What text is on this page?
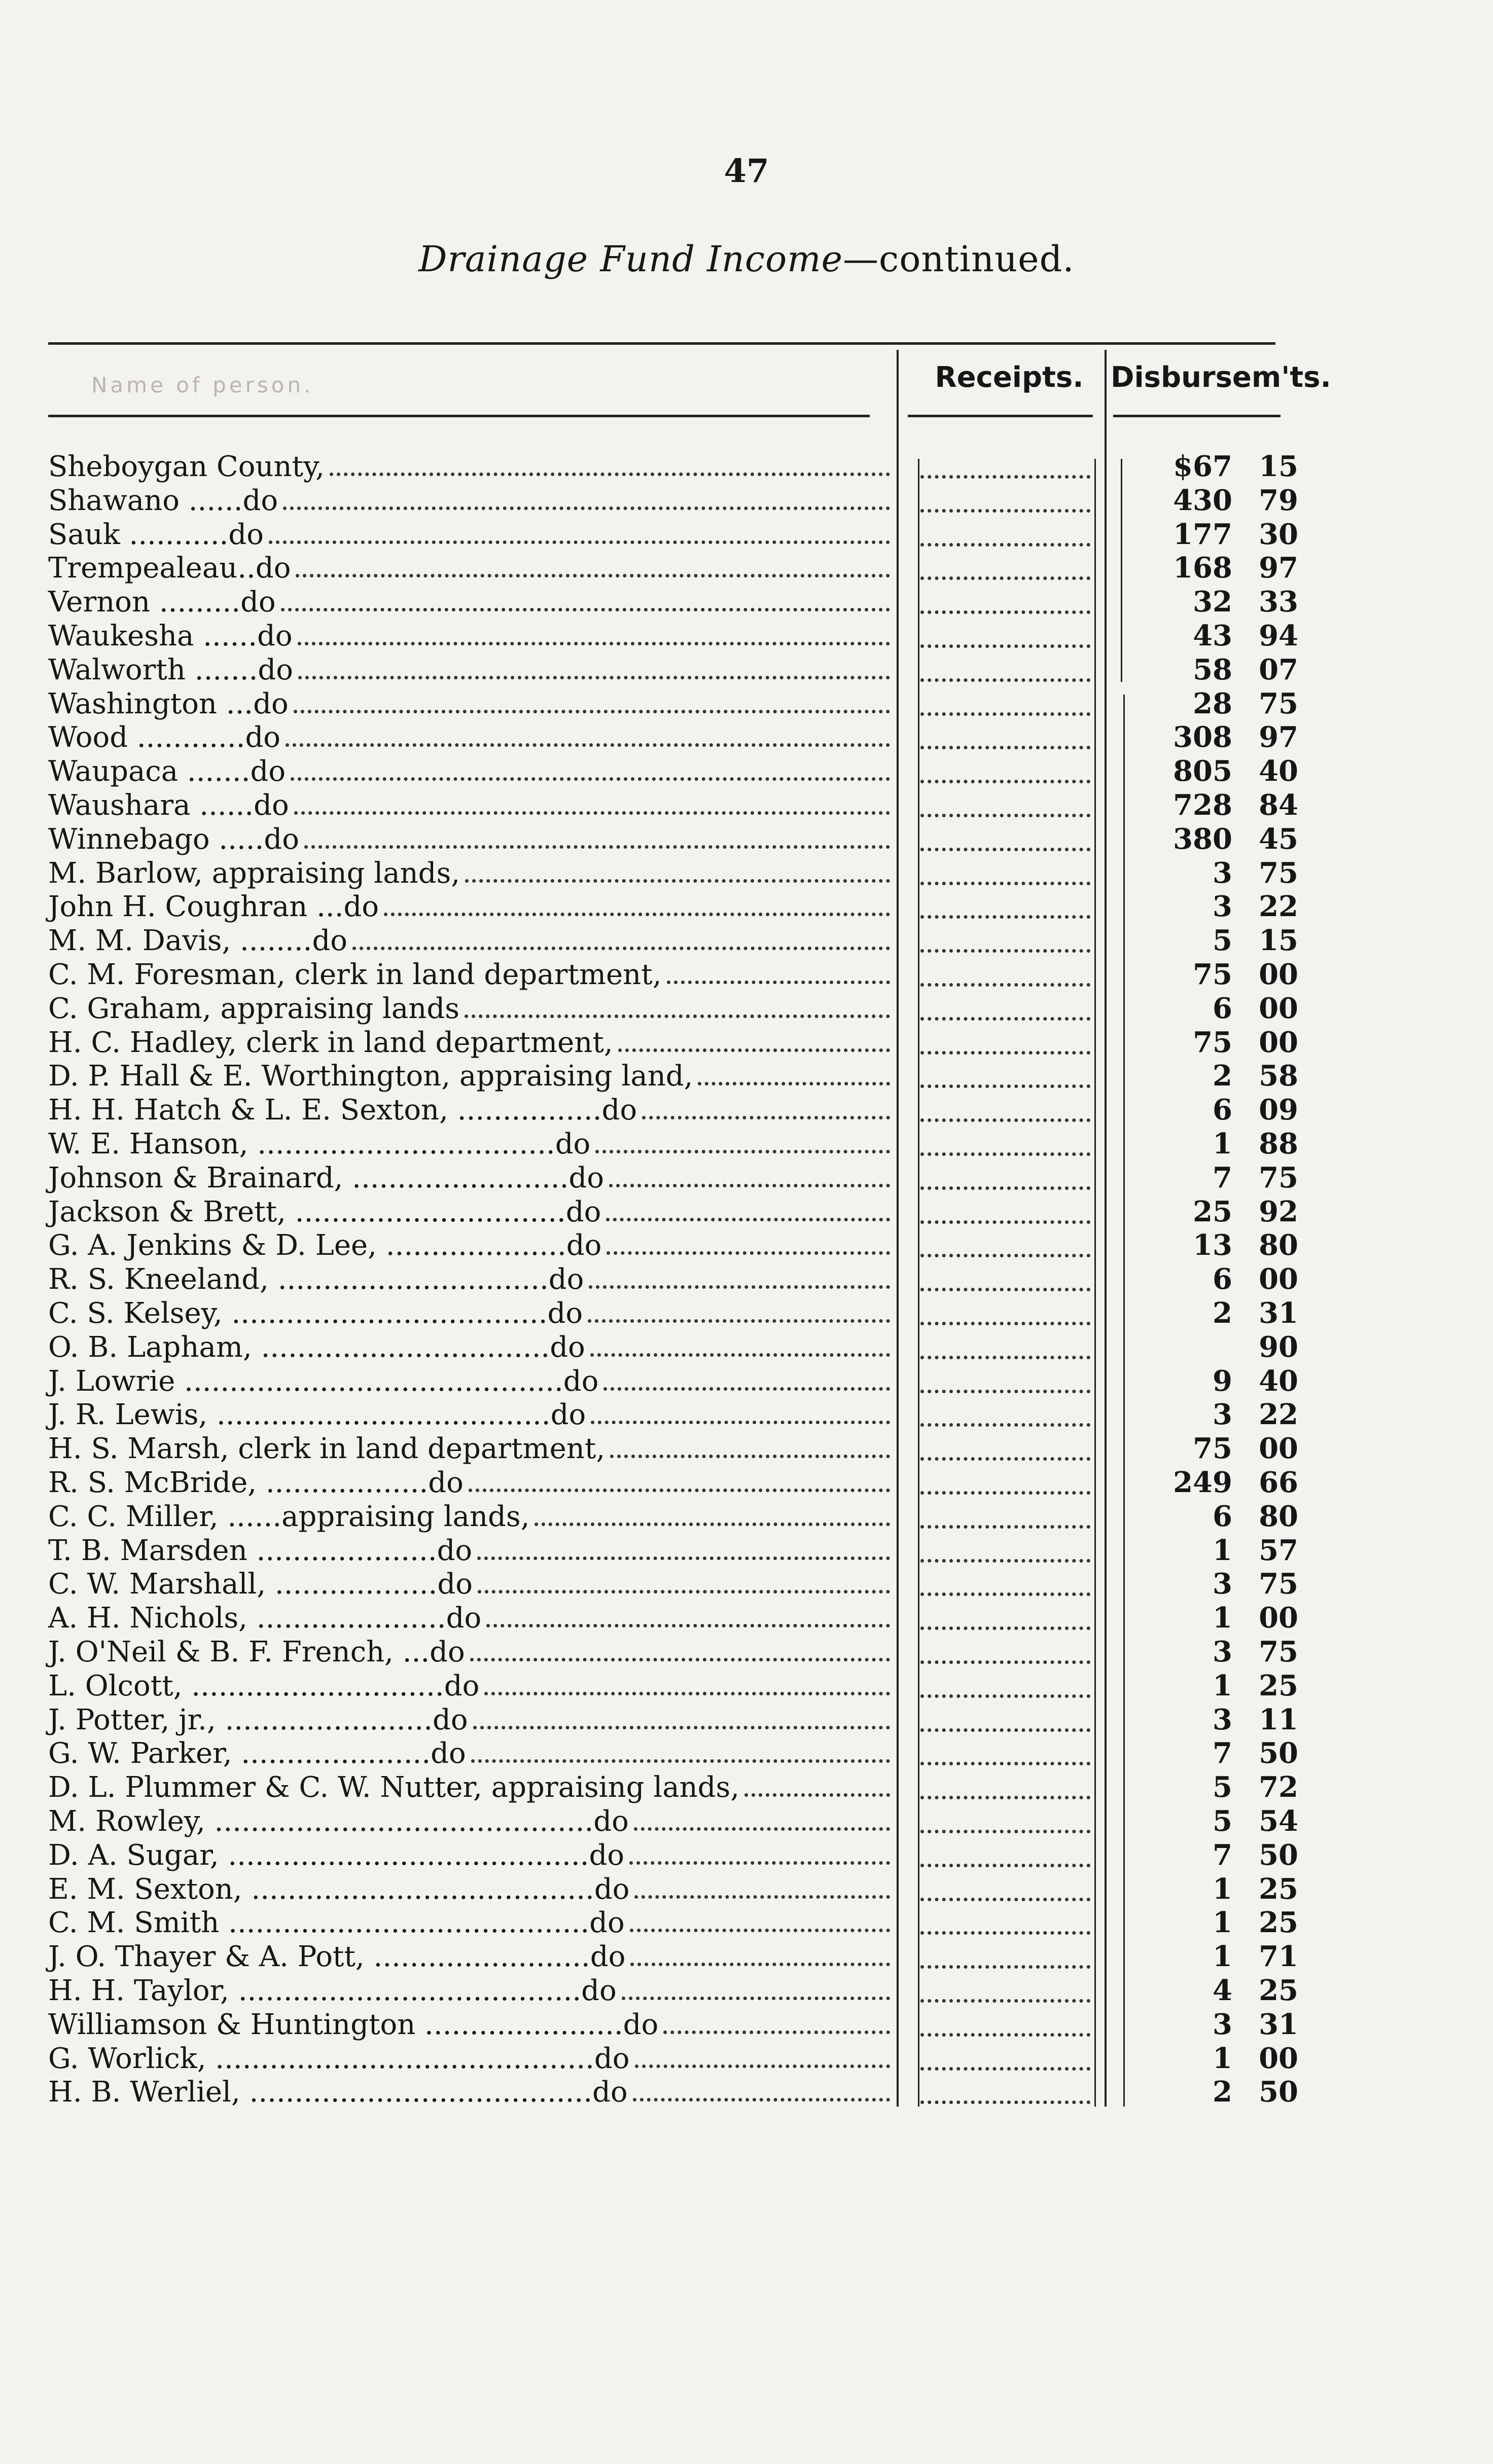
47
Drainage Fund Income—continued.
Name of person.	Receipts. Disbursem'ts.
Sheboygan County,	$67 15
Shawano ......do	430 79
Sauk ...........do	177 30
Trempealeau..do	168 97
Vernon .........do	32 33
Waukesha ......do	43 94
Walworth .......do	58 07
Washington ...do	28 75
Wood ............do	308 97
Waupaca .......do	805 40
Waushara ......do	728 84
Winnebago .....do	380 45
M. Barlow, appraising lands,	3 75
John H. Coughran ...do	3 22
M. M. Davis, ........do	5 15
C. M. Foresman, clerk in land department,	75 00
C. Graham, appraising lands	6 00
H. C. Hadley, clerk in land department,	75 00
D. P. Hall & E. Worthington, appraising land,	2 58
H. H. Hatch & L. E. Sexton, ................do	6 09
W. E. Hanson, .................................do	1 88
Johnson & Brainard, ........................do	7 75
Jackson & Brett, ..............................do	25 92
G. A. Jenkins & D. Lee, ....................do	13 80
R. S. Kneeland, ..............................do	6 00
C. S. Kelsey, ...................................do	2 31
O. B. Lapham, ................................do	90
J. Lowrie ..........................................do	9 40
J. R. Lewis, .....................................do	3 22
H. S. Marsh, clerk in land department,	75 00
R. S. McBride, ..................do	249 66
C. C. Miller, ......appraising lands,	6 80
T. B. Marsden ....................do	1 57
C. W. Marshall, ..................do	3 75
A. H. Nichols, .....................do	1 00
J. O'Neil & B. F. French, ...do	3 75
L. Olcott, ............................do	1 25
J. Potter, jr., .......................do	3 11
G. W. Parker, .....................do	7 50
D. L. Plummer & C. W. Nutter, appraising lands,	5 72
M. Rowley, ..........................................do	5 54
D. A. Sugar, ........................................do	7 50
E. M. Sexton, ......................................do	1 25
C. M. Smith ........................................do	1 25
J. O. Thayer & A. Pott, ........................do	1 71
H. H. Taylor, ......................................do	4 25
Williamson & Huntington ......................do	3 31
G. Worlick, ..........................................do	1 00
H. B. Werliel, ......................................do	2 50
